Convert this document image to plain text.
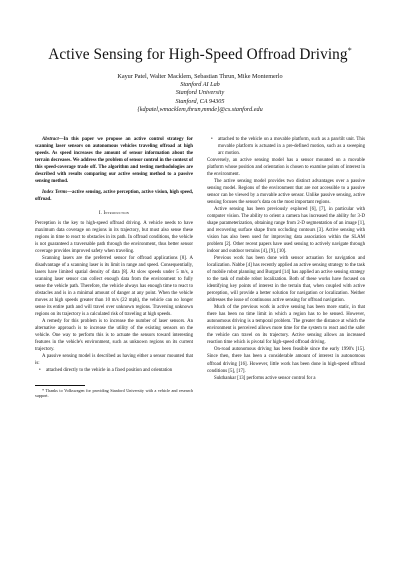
Active Sensing for High-Speed Offroad Driving*
Kayur Patel, Walter Macklem, Sebastian Thrun, Mike Montemerlo
Stanford AI Lab
Stanford University
Stanford, CA 94305
{kdpatel,wmacklem,thrun,mmde}@cs.stanford.edu

Abstract—In this paper we propose an active control strategy for scanning laser sensors on autonomous vehicles traveling offroad at high speeds. As speed increases the amount of sensor information about the terrain decreases. We address the problem of sensor control in the context of this speed-coverage trade off. The algorithm and testing methodologies are described with results comparing our active sensing method to a passive sensing method.

Index Terms—active sensing, active perception, active vision, high speed, offroad.

I. Introduction

Perception is the key to high-speed offroad driving. A vehicle needs to have maximum data coverage on regions in its trajectory, but must also sense these regions in time to react to obstacles in its path. In offroad conditions, the vehicle is not guaranteed a traversable path through the environment, thus better sensor coverage provides improved safety when traveling.

Scanning lasers are the preferred sensor for offroad applications [8]. A disadvantage of a scanning laser is its limit in range and speed. Consequentially, lasers have limited spatial density of data [8]. At slow speeds under 5 m/s, a scanning laser sensor can collect enough data from the environment to fully sense the vehicle path. Therefore, the vehicle always has enough time to react to obstacles and is in a minimal amount of danger at any point. When the vehicle moves at high speeds greater than 10 m/s (22 mph), the vehicle can no longer sense its entire path and will travel over unknown regions. Traversing unknown regions on its trajectory is a calculated risk of traveling at high speeds.

A remedy for this problem is to increase the number of laser sensors. An alternative approach is to increase the utility of the existing sensors on the vehicle. One way to perform this is to actuate the sensors toward interesting features in the vehicle's environment, such as unknown regions on its current trajectory.

A passive sensing model is described as having either a sensor mounted that is:

• attached directly to the vehicle in a fixed position and orientation

* Thanks to Volkswagen for providing Stanford University with a vehicle and research support.

• attached to the vehicle on a movable platform, such as a pan/tilt unit. This movable platform is actuated in a pre-defined motion, such as a sweeping arc motion.

Conversely, an active sensing model has a sensor mounted on a movable platform whose position and orientation is chosen to examine points of interest in the environment.

The active sensing model provides two distinct advantages over a passive sensing model. Regions of the environment that are not accessible to a passive sensor can be viewed by a movable active sensor. Unlike passive sensing, active sensing focuses the sensor's data on the most important regions.

Active sensing has been previously explored [6], [7], in particular with computer vision. The ability to orient a camera has increased the ability for 3-D shape parameterization, obtaining range from 2-D segmentation of an image [1], and recovering surface shape from occluding contours [3]. Active sensing with vision has also been used for improving data association within the SLAM problem [2]. Other recent papers have used sensing to actively navigate through indoor and outdoor terrains [4], [9], [10].

Previous work has been done with sensor actuation for navigation and localization. Nabbe [4] has recently applied an active sensing strategy to the task of mobile robot planning and Burgard [14] has applied an active sensing strategy to the task of mobile robot localization. Both of these works have focused on identifying key points of interest in the terrain that, when coupled with active perception, will provide a better solution for navigation or localization. Neither addresses the issue of continuous active sensing for offroad navigation.

Much of the previous work in active sensing has been more static, in that there has been no time limit in which a region has to be sensed. However, autonomous driving is a temporal problem. The greater the distance at which the environment is perceived allows more time for the system to react and the safer the vehicle can travel on its trajectory. Active sensing allows an increased reaction time which is pivotal for high-speed offroad driving.

On-road autonomous driving has been feasible since the early 1990's [15]. Since then, there has been a considerable amount of interest in autonomous offroad driving [16]. However, little work has been done in high-speed offroad conditions [5], [17].

Sukthankar [13] performs active sensor control for a
